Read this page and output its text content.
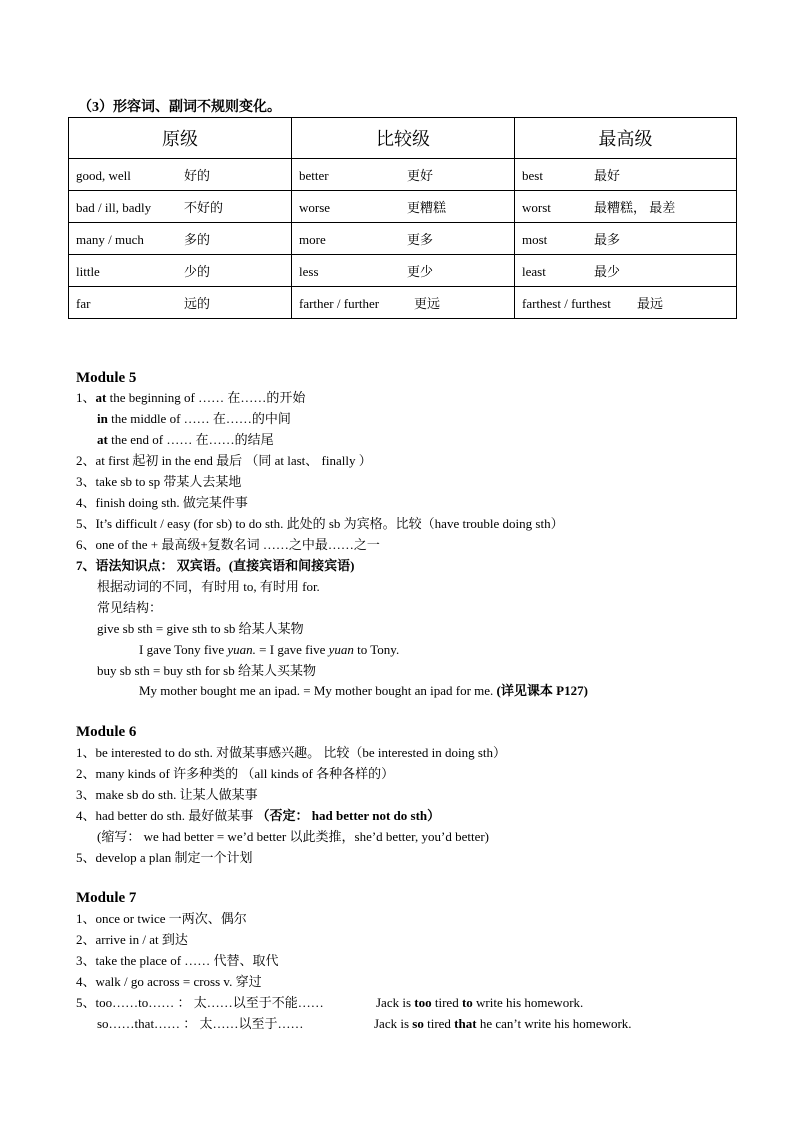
（3）形容词、副词不规则变化。
原级	比较级	最高级
good, well 好的	better 更好	best 最好
bad / ill, badly 不好的	worse 更糟糕	worst 最糟糕， 最差
many / much 多的	more 更多	most 最多
little 少的	less 更少	least 最少
far 远的	farther / further 更远	farthest / furthest 最远
Module 5
1、at the beginning of …… 在……的开始
in the middle of …… 在……的中间
at the end of …… 在……的结尾
2、at first 起初 in the end 最后 （同 at last、 finally ）
3、take sb to sp 带某人去某地
4、finish doing sth. 做完某件事
5、It’s difficult / easy (for sb) to do sth. 此处的 sb 为宾格。比较（have trouble doing sth）
6、one of the + 最高级+复数名词 ……之中最……之一
7、语法知识点： 双宾语。(直接宾语和间接宾语)
根据动词的不同，有时用 to, 有时用 for.
常见结构：
give sb sth = give sth to sb 给某人某物
I gave Tony five yuan. = I gave five yuan to Tony.
buy sb sth = buy sth for sb 给某人买某物
My mother bought me an ipad. = My mother bought an ipad for me. (详见课本 P127)
Module 6
1、be interested to do sth. 对做某事感兴趣。 比较（be interested in doing sth）
2、many kinds of 许多种类的 （all kinds of 各种各样的）
3、make sb do sth. 让某人做某事
4、had better do sth. 最好做某事 （否定： had better not do sth）
(缩写： we had better = we’d better 以此类推，she’d better, you’d better)
5、develop a plan 制定一个计划
Module 7
1、once or twice 一两次、偶尔
2、arrive in / at 到达
3、take the place of …… 代替、取代
4、walk / go across = cross v. 穿过
5、too……to…… ： 太……以至于不能……	Jack is too tired to write his homework.
so……that…… ： 太……以至于……	Jack is so tired that he can’t write his homework.
